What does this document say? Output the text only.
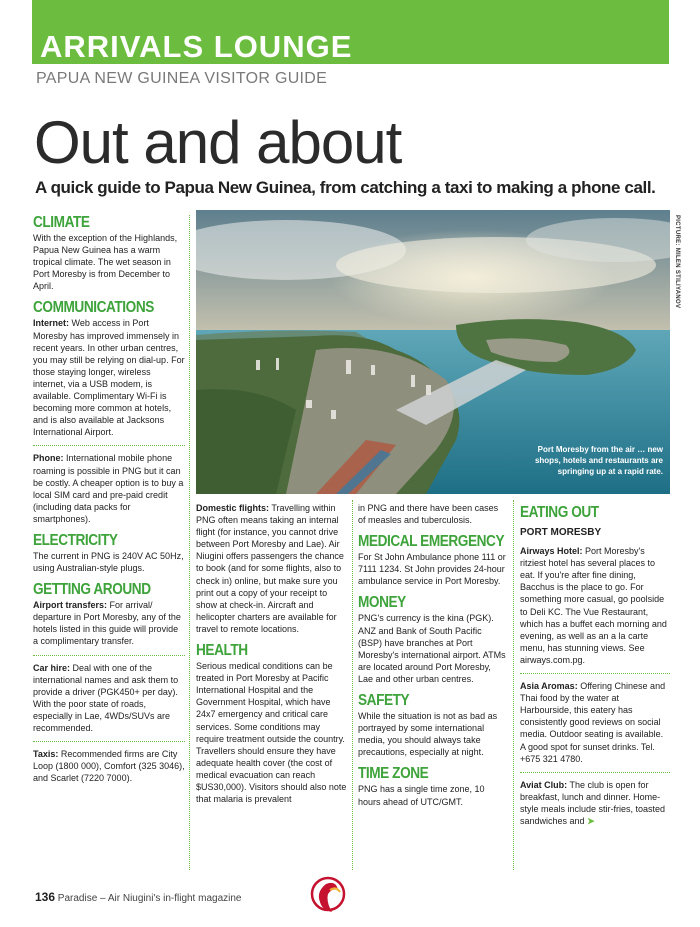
ARRIVALS LOUNGE
PAPUA NEW GUINEA VISITOR GUIDE
Out and about
A quick guide to Papua New Guinea, from catching a taxi to making a phone call.
PICTURE: MILEN STILIYANOV
Port Moresby from the air … new shops, hotels and restaurants are springing up at a rapid rate.
CLIMATE

With the exception of the Highlands, Papua New Guinea has a warm tropical climate. The wet season in Port Moresby is from December to April.

COMMUNICATIONS

Internet: Web access in Port Moresby has improved immensely in recent years. In other urban centres, you may still be relying on dial-up. For those staying longer, wireless internet, via a USB modem, is available. Complimentary Wi-Fi is becoming more common at hotels, and is also available at Jacksons International Airport.

Phone: International mobile phone roaming is possible in PNG but it can be costly. A cheaper option is to buy a local SIM card and pre-paid credit (including data packs for smartphones).

ELECTRICITY

The current in PNG is 240V AC 50Hz, using Australian-style plugs.

GETTING AROUND

Airport transfers: For arrival/ departure in Port Moresby, any of the hotels listed in this guide will provide a complimentary transfer.

Car hire: Deal with one of the international names and ask them to provide a driver (PGK450+ per day). With the poor state of roads, especially in Lae, 4WDs/SUVs are recommended.

Taxis: Recommended firms are City Loop (1800 000), Comfort (325 3046), and Scarlet (7220 7000).

Domestic flights: Travelling within PNG often means taking an internal flight (for instance, you cannot drive between Port Moresby and Lae). Air Niugini offers passengers the chance to book (and for some flights, also to check in) online, but make sure you print out a copy of your receipt to show at check-in. Aircraft and helicopter charters are available for travel to remote locations.

HEALTH

Serious medical conditions can be treated in Port Moresby at Pacific International Hospital and the Government Hospital, which have 24x7 emergency and critical care services. Some conditions may require treatment outside the country. Travellers should ensure they have adequate health cover (the cost of medical evacuation can reach $US30,000). Visitors should also note that malaria is prevalent

in PNG and there have been cases of measles and tuberculosis.

MEDICAL EMERGENCY

For St John Ambulance phone 111 or 7111 1234. St John provides 24-hour ambulance service in Port Moresby.

MONEY

PNG's currency is the kina (PGK). ANZ and Bank of South Pacific (BSP) have branches at Port Moresby's international airport. ATMs are located around Port Moresby, Lae and other urban centres.

SAFETY

While the situation is not as bad as portrayed by some international media, you should always take precautions, especially at night.

TIME ZONE

PNG has a single time zone, 10 hours ahead of UTC/GMT.

EATING OUT
PORT MORESBY

Airways Hotel: Port Moresby's ritziest hotel has several places to eat. If you're after fine dining, Bacchus is the place to go. For something more casual, go poolside to Deli KC. The Vue Restaurant, which has a buffet each morning and evening, as well as an a la carte menu, has stunning views. See airways.com.pg.

Asia Aromas: Offering Chinese and Thai food by the water at Harbourside, this eatery has consistently good reviews on social media. Outdoor seating is available. A good spot for sunset drinks. Tel. +675 321 4780.

Aviat Club: The club is open for breakfast, lunch and dinner. Home-style meals include stir-fries, toasted sandwiches and ➤

136 Paradise – Air Niugini's in-flight magazine
